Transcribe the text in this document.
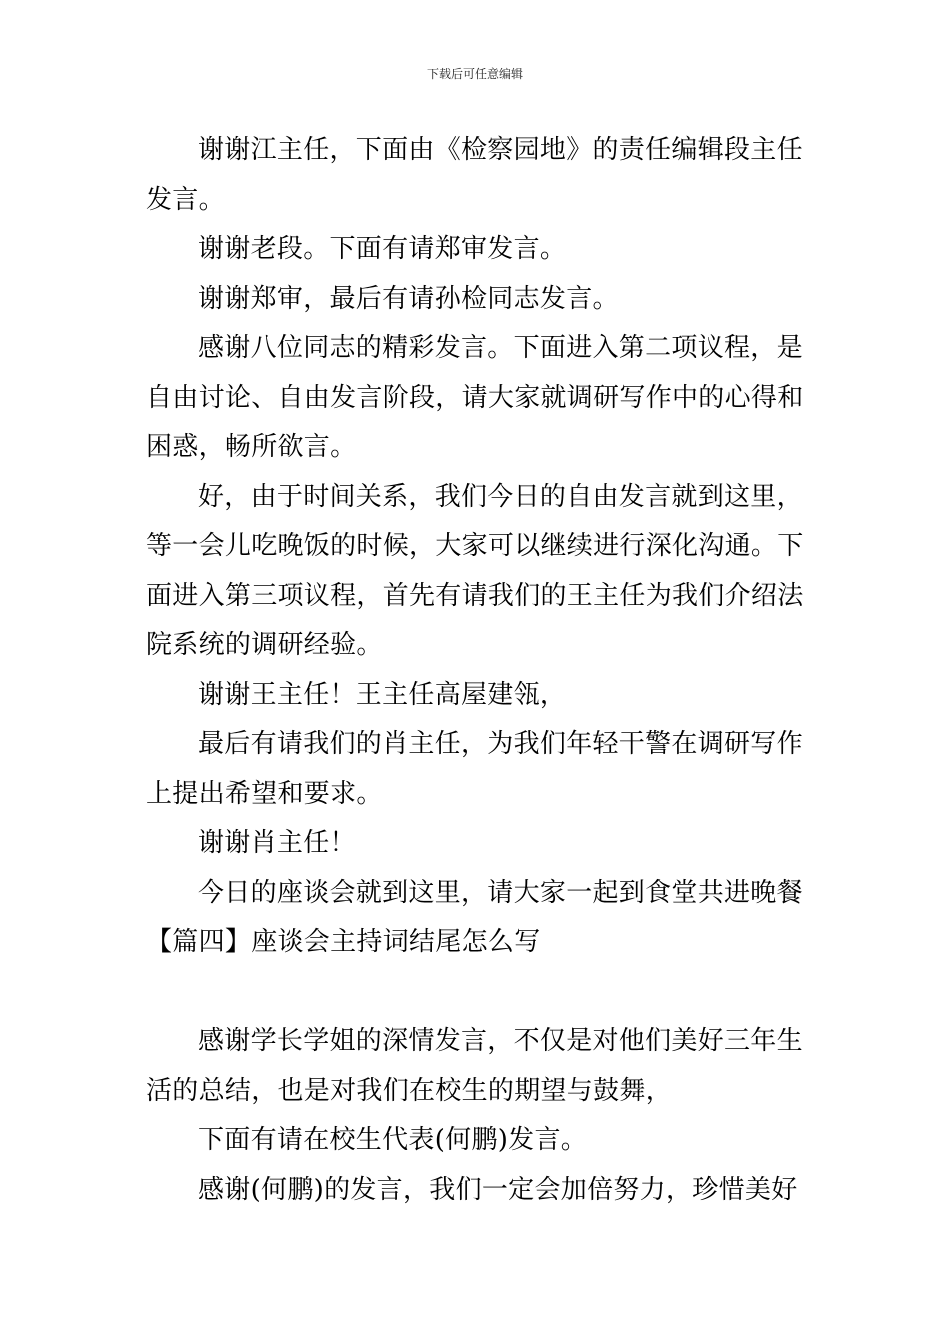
下载后可任意编辑

谢谢江主任，下面由《检察园地》的责任编辑段主任发言。

谢谢老段。下面有请郑审发言。

谢谢郑审，最后有请孙检同志发言。

感谢八位同志的精彩发言。下面进入第二项议程，是自由讨论、自由发言阶段，请大家就调研写作中的心得和困惑，畅所欲言。

好，由于时间关系，我们今日的自由发言就到这里，等一会儿吃晚饭的时候，大家可以继续进行深化沟通。下面进入第三项议程，首先有请我们的王主任为我们介绍法院系统的调研经验。

谢谢王主任！王主任高屋建瓴，

最后有请我们的肖主任，为我们年轻干警在调研写作上提出希望和要求。

谢谢肖主任！

今日的座谈会就到这里，请大家一起到食堂共进晚餐

【篇四】座谈会主持词结尾怎么写

感谢学长学姐的深情发言，不仅是对他们美好三年生活的总结，也是对我们在校生的期望与鼓舞，

下面有请在校生代表(何鹏)发言。

感谢(何鹏)的发言，我们一定会加倍努力，珍惜美好
